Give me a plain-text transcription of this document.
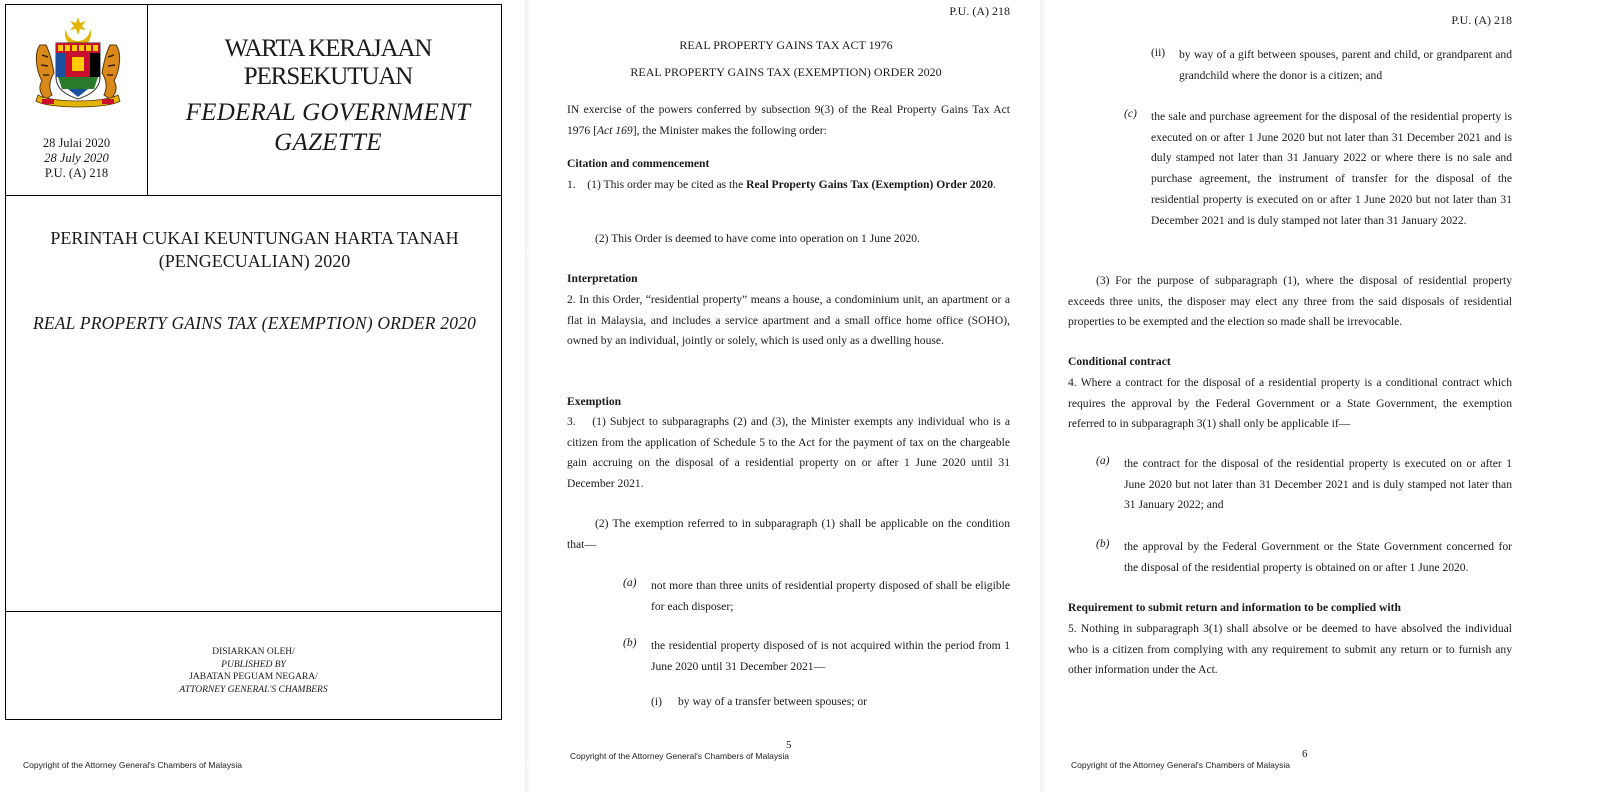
28 Julai 2020
28 July 2020
P.U. (A) 218
WARTA KERAJAAN PERSEKUTUAN
FEDERAL GOVERNMENT
GAZETTE
PERINTAH CUKAI KEUNTUNGAN HARTA TANAH
(PENGECUALIAN) 2020
REAL PROPERTY GAINS TAX (EXEMPTION) ORDER 2020
DISIARKAN OLEH/
PUBLISHED BY
JABATAN PEGUAM NEGARA/
ATTORNEY GENERAL'S CHAMBERS
Copyright of the Attorney General's Chambers of Malaysia
P.U. (A) 218
REAL PROPERTY GAINS TAX ACT 1976
REAL PROPERTY GAINS TAX (EXEMPTION) ORDER 2020
IN exercise of the powers conferred by subsection 9(3) of the Real Property Gains Tax Act 1976 [Act 169], the Minister makes the following order:
Citation and commencement
1. (1) This order may be cited as the Real Property Gains Tax (Exemption) Order 2020.
(2) This Order is deemed to have come into operation on 1 June 2020.
Interpretation
2. In this Order, “residential property” means a house, a condominium unit, an apartment or a flat in Malaysia, and includes a service apartment and a small office home office (SOHO), owned by an individual, jointly or solely, which is used only as a dwelling house.
Exemption
3. (1) Subject to subparagraphs (2) and (3), the Minister exempts any individual who is a citizen from the application of Schedule 5 to the Act for the payment of tax on the chargeable gain accruing on the disposal of a residential property on or after 1 June 2020 until 31 December 2021.
(2) The exemption referred to in subparagraph (1) shall be applicable on the condition that—
(a) not more than three units of residential property disposed of shall be eligible for each disposer;
(b) the residential property disposed of is not acquired within the period from 1 June 2020 until 31 December 2021—
(i) by way of a transfer between spouses; or
5
Copyright of the Attorney General's Chambers of Malaysia
P.U. (A) 218
(ii) by way of a gift between spouses, parent and child, or grandparent and grandchild where the donor is a citizen; and
(c) the sale and purchase agreement for the disposal of the residential property is executed on or after 1 June 2020 but not later than 31 December 2021 and is duly stamped not later than 31 January 2022 or where there is no sale and purchase agreement, the instrument of transfer for the disposal of the residential property is executed on or after 1 June 2020 but not later than 31 December 2021 and is duly stamped not later than 31 January 2022.
(3) For the purpose of subparagraph (1), where the disposal of residential property exceeds three units, the disposer may elect any three from the said disposals of residential properties to be exempted and the election so made shall be irrevocable.
Conditional contract
4. Where a contract for the disposal of a residential property is a conditional contract which requires the approval by the Federal Government or a State Government, the exemption referred to in subparagraph 3(1) shall only be applicable if—
(a) the contract for the disposal of the residential property is executed on or after 1 June 2020 but not later than 31 December 2021 and is duly stamped not later than 31 January 2022; and
(b) the approval by the Federal Government or the State Government concerned for the disposal of the residential property is obtained on or after 1 June 2020.
Requirement to submit return and information to be complied with
5. Nothing in subparagraph 3(1) shall absolve or be deemed to have absolved the individual who is a citizen from complying with any requirement to submit any return or to furnish any other information under the Act.
6
Copyright of the Attorney General's Chambers of Malaysia
